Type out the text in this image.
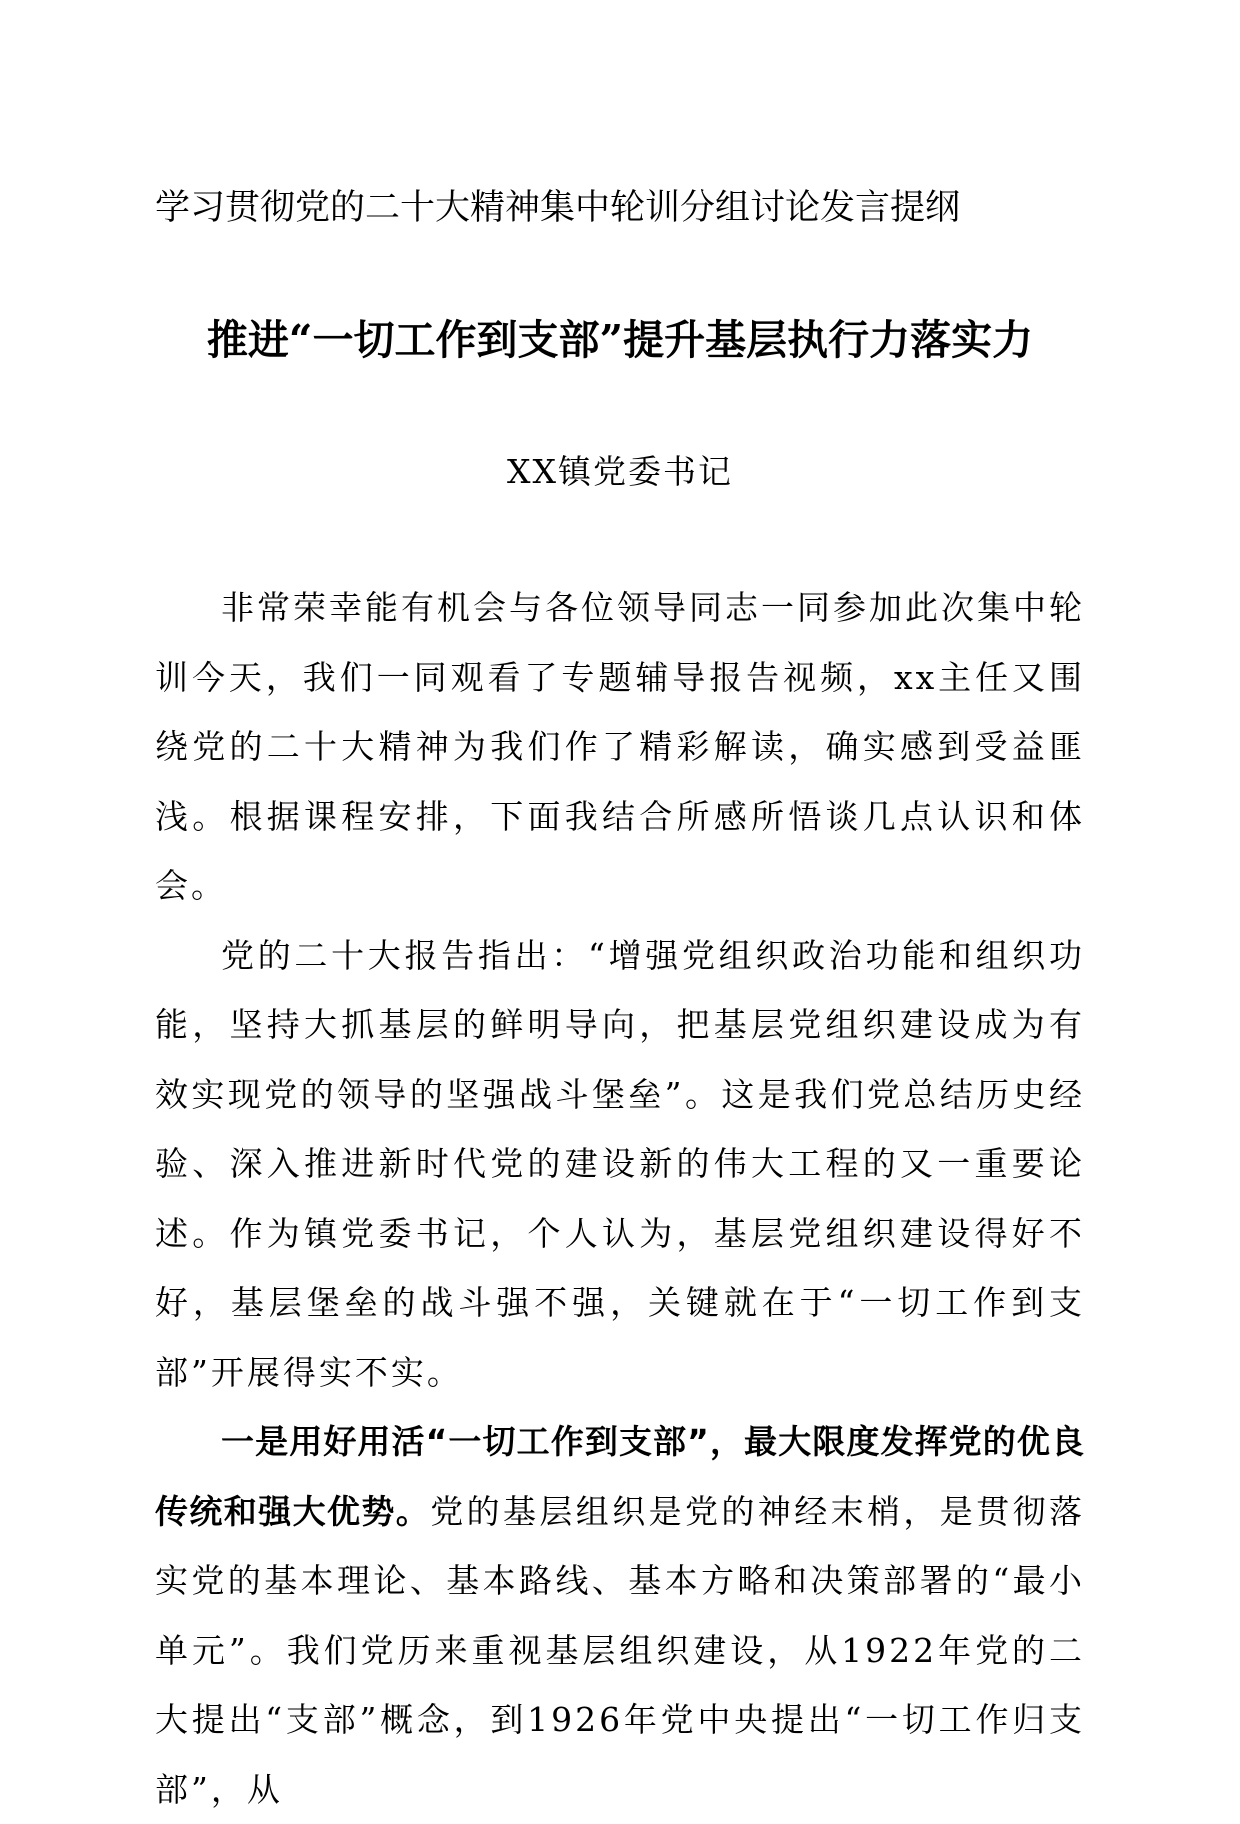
学习贯彻党的二十大精神集中轮训分组讨论发言提纲
推进“一切工作到支部”提升基层执行力落实力
XX镇党委书记

非常荣幸能有机会与各位领导同志一同参加此次集中轮训今天，我们一同观看了专题辅导报告视频，xx主任又围绕党的二十大精神为我们作了精彩解读，确实感到受益匪浅。根据课程安排，下面我结合所感所悟谈几点认识和体会。

党的二十大报告指出：“增强党组织政治功能和组织功能，坚持大抓基层的鲜明导向，把基层党组织建设成为有效实现党的领导的坚强战斗堡垒”。这是我们党总结历史经验、深入推进新时代党的建设新的伟大工程的又一重要论述。作为镇党委书记，个人认为，基层党组织建设得好不好，基层堡垒的战斗强不强，关键就在于“一切工作到支部”开展得实不实。

一是用好用活“一切工作到支部”，最大限度发挥党的优良传统和强大优势。党的基层组织是党的神经末梢，是贯彻落实党的基本理论、基本路线、基本方略和决策部署的“最小单元”。我们党历来重视基层组织建设，从1922年党的二大提出“支部”概念，到1926年党中央提出“一切工作归支部”，从
